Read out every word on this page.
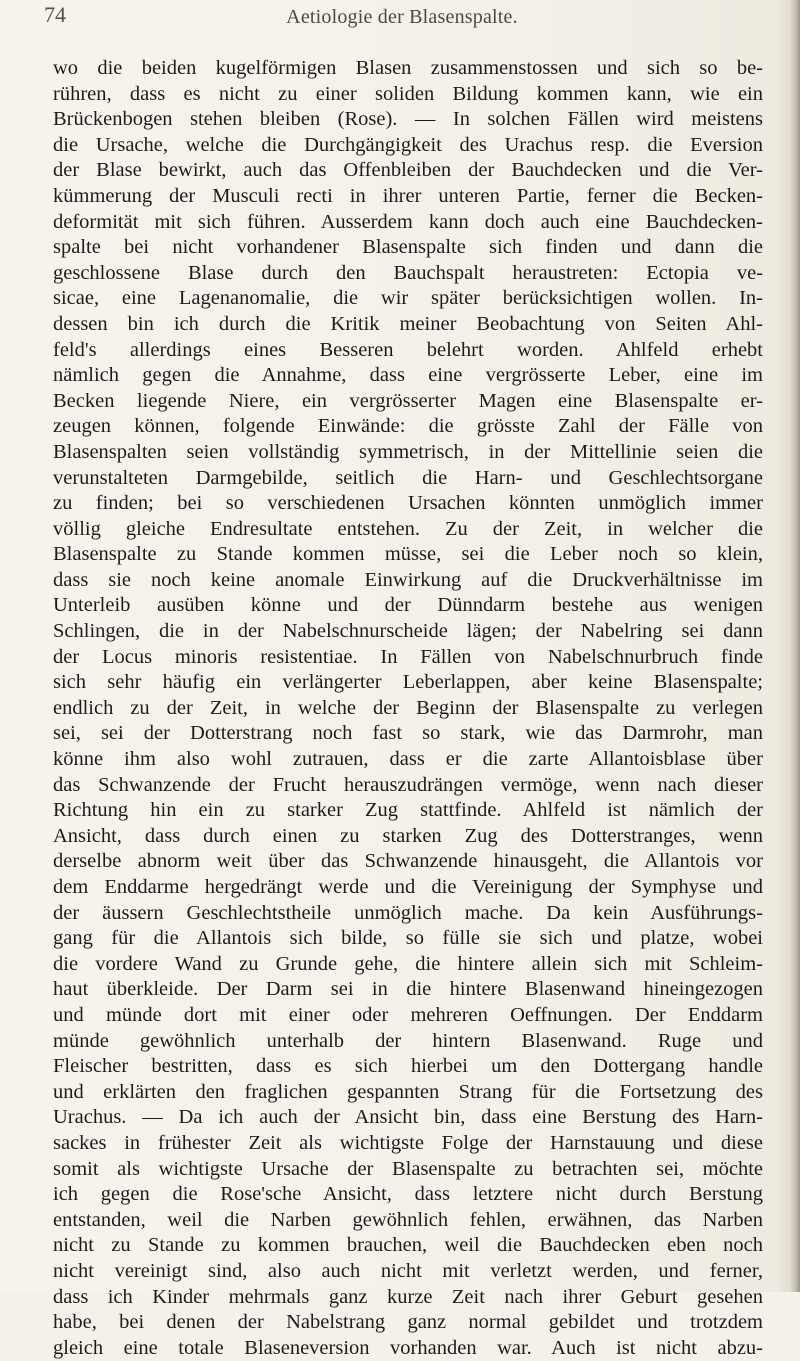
74	Aetiologie der Blasenspalte.
wo die beiden kugelförmigen Blasen zusammenstossen und sich so be-
rühren, dass es nicht zu einer soliden Bildung kommen kann, wie ein
Brückenbogen stehen bleiben (Rose). — In solchen Fällen wird meistens
die Ursache, welche die Durchgängigkeit des Urachus resp. die Eversion
der Blase bewirkt, auch das Offenbleiben der Bauchdecken und die Ver-
kümmerung der Musculi recti in ihrer unteren Partie, ferner die Becken-
deformität mit sich führen. Ausserdem kann doch auch eine Bauchdecken-
spalte bei nicht vorhandener Blasenspalte sich finden und dann die
geschlossene Blase durch den Bauchspalt heraustreten: Ectopia ve-
sicae, eine Lagenanomalie, die wir später berücksichtigen wollen. In-
dessen bin ich durch die Kritik meiner Beobachtung von Seiten Ahl-
feld's allerdings eines Besseren belehrt worden. Ahlfeld erhebt
nämlich gegen die Annahme, dass eine vergrösserte Leber, eine im
Becken liegende Niere, ein vergrösserter Magen eine Blasenspalte er-
zeugen können, folgende Einwände: die grösste Zahl der Fälle von
Blasenspalten seien vollständig symmetrisch, in der Mittellinie seien die
verunstalteten Darmgebilde, seitlich die Harn- und Geschlechtsorgane
zu finden; bei so verschiedenen Ursachen könnten unmöglich immer
völlig gleiche Endresultate entstehen. Zu der Zeit, in welcher die
Blasenspalte zu Stande kommen müsse, sei die Leber noch so klein,
dass sie noch keine anomale Einwirkung auf die Druckverhältnisse im
Unterleib ausüben könne und der Dünndarm bestehe aus wenigen
Schlingen, die in der Nabelschnurscheide lägen; der Nabelring sei dann
der Locus minoris resistentiae. In Fällen von Nabelschnurbruch finde
sich sehr häufig ein verlängerter Leberlappen, aber keine Blasenspalte;
endlich zu der Zeit, in welche der Beginn der Blasenspalte zu verlegen
sei, sei der Dotterstrang noch fast so stark, wie das Darmrohr, man
könne ihm also wohl zutrauen, dass er die zarte Allantoisblase über
das Schwanzende der Frucht herauszudrängen vermöge, wenn nach dieser
Richtung hin ein zu starker Zug stattfinde. Ahlfeld ist nämlich der
Ansicht, dass durch einen zu starken Zug des Dotterstranges, wenn
derselbe abnorm weit über das Schwanzende hinausgeht, die Allantois vor
dem Enddarme hergedrängt werde und die Vereinigung der Symphyse und
der äussern Geschlechtstheile unmöglich mache. Da kein Ausführungs-
gang für die Allantois sich bilde, so fülle sie sich und platze, wobei
die vordere Wand zu Grunde gehe, die hintere allein sich mit Schleim-
haut überkleide. Der Darm sei in die hintere Blasenwand hineingezogen
und münde dort mit einer oder mehreren Oeffnungen. Der Enddarm
münde gewöhnlich unterhalb der hintern Blasenwand. Ruge und
Fleischer bestritten, dass es sich hierbei um den Dottergang handle
und erklärten den fraglichen gespannten Strang für die Fortsetzung des
Urachus. — Da ich auch der Ansicht bin, dass eine Berstung des Harn-
sackes in frühester Zeit als wichtigste Folge der Harnstauung und diese
somit als wichtigste Ursache der Blasenspalte zu betrachten sei, möchte
ich gegen die Rose'sche Ansicht, dass letztere nicht durch Berstung
entstanden, weil die Narben gewöhnlich fehlen, erwähnen, das Narben
nicht zu Stande zu kommen brauchen, weil die Bauchdecken eben noch
nicht vereinigt sind, also auch nicht mit verletzt werden, und ferner,
dass ich Kinder mehrmals ganz kurze Zeit nach ihrer Geburt gesehen
habe, bei denen der Nabelstrang ganz normal gebildet und trotzdem
gleich eine totale Blaseneversion vorhanden war. Auch ist nicht abzu-
